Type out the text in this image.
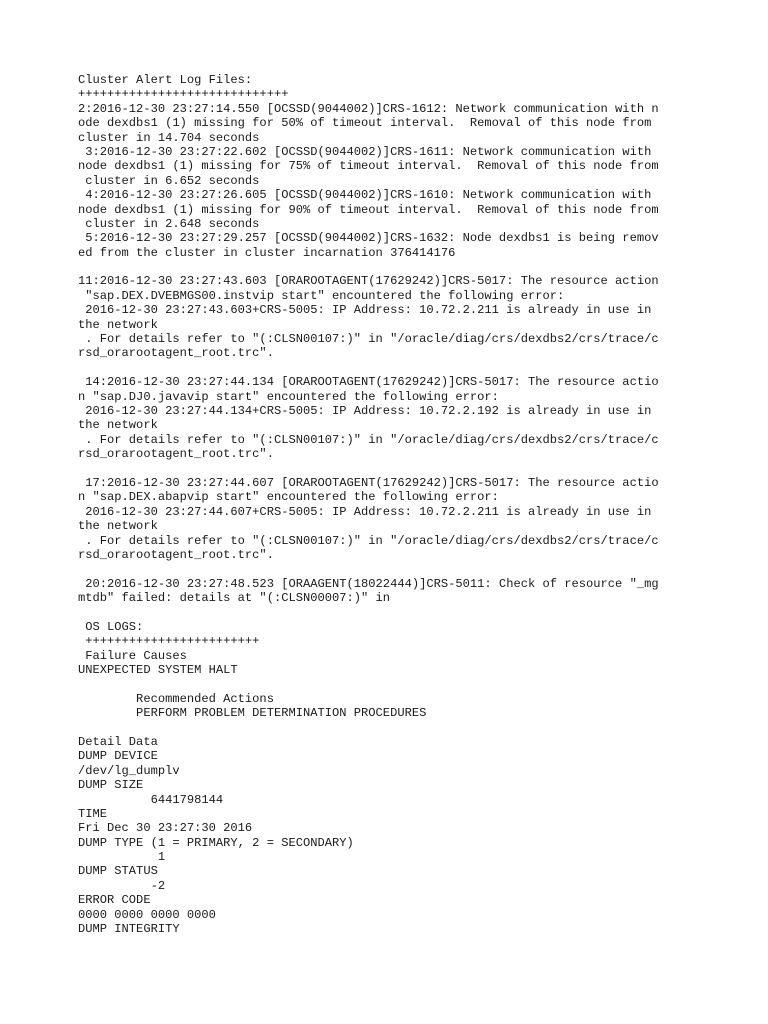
Cluster Alert Log Files:
+++++++++++++++++++++++++++++
2:2016-12-30 23:27:14.550 [OCSSD(9044002)]CRS-1612: Network communication with n
ode dexdbs1 (1) missing for 50% of timeout interval.  Removal of this node from
cluster in 14.704 seconds
3:2016-12-30 23:27:22.602 [OCSSD(9044002)]CRS-1611: Network communication with
node dexdbs1 (1) missing for 75% of timeout interval.  Removal of this node from
cluster in 6.652 seconds
4:2016-12-30 23:27:26.605 [OCSSD(9044002)]CRS-1610: Network communication with
node dexdbs1 (1) missing for 90% of timeout interval.  Removal of this node from
cluster in 2.648 seconds
5:2016-12-30 23:27:29.257 [OCSSD(9044002)]CRS-1632: Node dexdbs1 is being remov
ed from the cluster in cluster incarnation 376414176
11:2016-12-30 23:27:43.603 [ORAROOTAGENT(17629242)]CRS-5017: The resource action
"sap.DEX.DVEBMGS00.instvip start" encountered the following error:
2016-12-30 23:27:43.603+CRS-5005: IP Address: 10.72.2.211 is already in use in
the network
. For details refer to "(:CLSN00107:)" in "/oracle/diag/crs/dexdbs2/crs/trace/c
rsd_orarootagent_root.trc".
14:2016-12-30 23:27:44.134 [ORAROOTAGENT(17629242)]CRS-5017: The resource actio
n "sap.DJ0.javavip start" encountered the following error:
2016-12-30 23:27:44.134+CRS-5005: IP Address: 10.72.2.192 is already in use in
the network
. For details refer to "(:CLSN00107:)" in "/oracle/diag/crs/dexdbs2/crs/trace/c
rsd_orarootagent_root.trc".
17:2016-12-30 23:27:44.607 [ORAROOTAGENT(17629242)]CRS-5017: The resource actio
n "sap.DEX.abapvip start" encountered the following error:
2016-12-30 23:27:44.607+CRS-5005: IP Address: 10.72.2.211 is already in use in
the network
. For details refer to "(:CLSN00107:)" in "/oracle/diag/crs/dexdbs2/crs/trace/c
rsd_orarootagent_root.trc".
20:2016-12-30 23:27:48.523 [ORAAGENT(18022444)]CRS-5011: Check of resource "_mg
mtdb" failed: details at "(:CLSN00007:)" in
OS LOGS:
++++++++++++++++++++++++
Failure Causes
UNEXPECTED SYSTEM HALT
Recommended Actions
PERFORM PROBLEM DETERMINATION PROCEDURES
Detail Data
DUMP DEVICE
/dev/lg_dumplv
DUMP SIZE
6441798144
TIME
Fri Dec 30 23:27:30 2016
DUMP TYPE (1 = PRIMARY, 2 = SECONDARY)
1
DUMP STATUS
-2
ERROR CODE
0000 0000 0000 0000
DUMP INTEGRITY
